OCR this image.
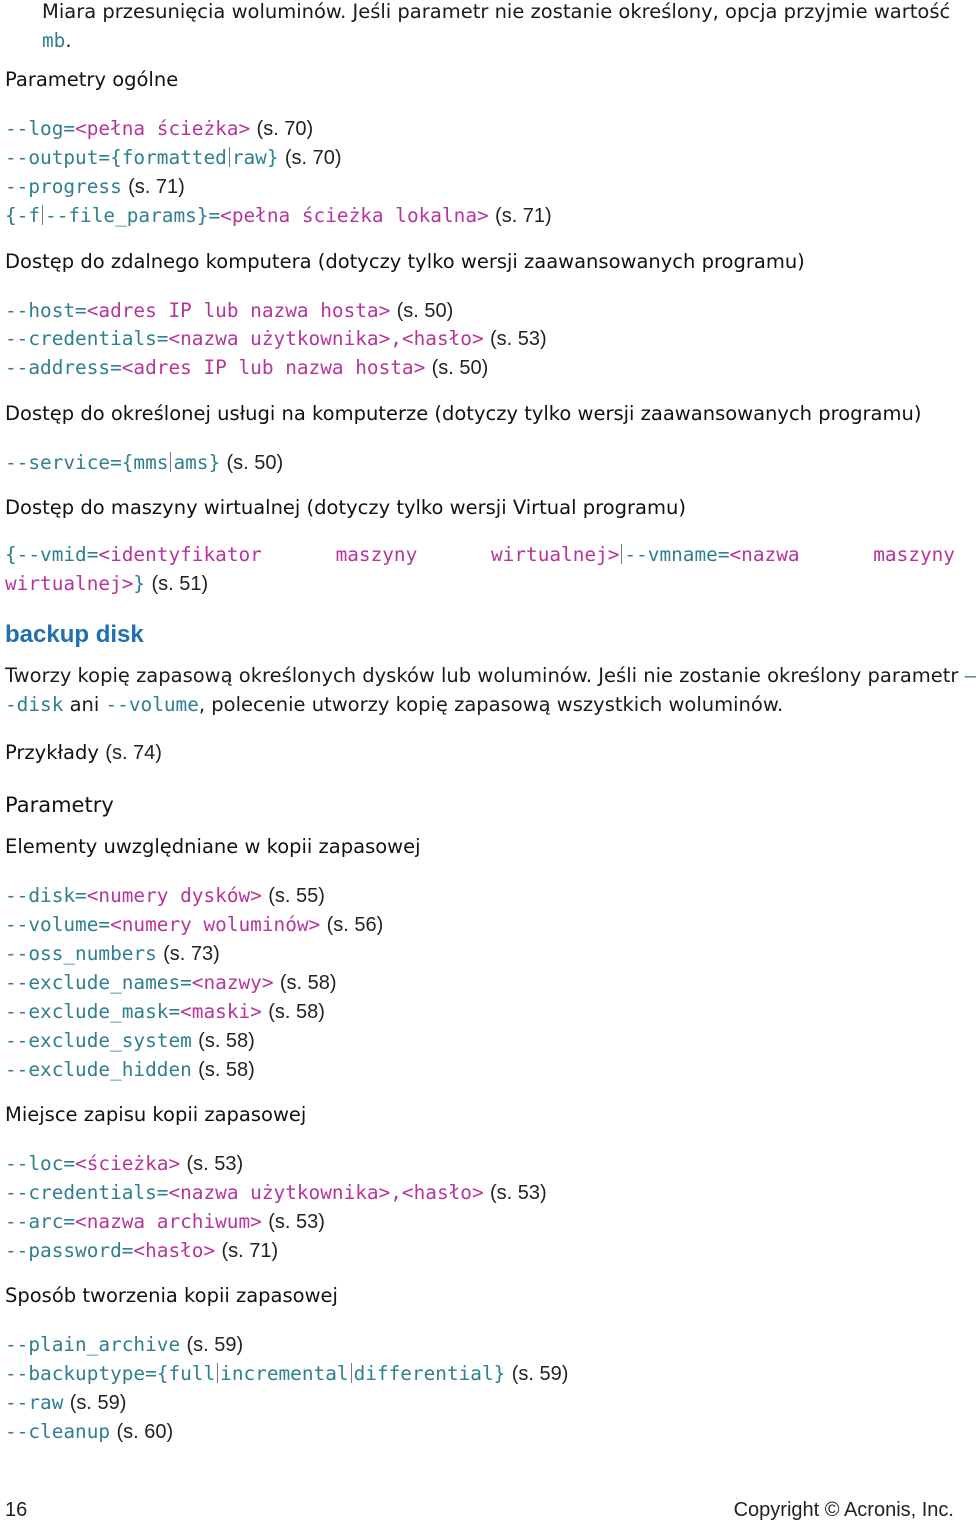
Miara przesunięcia woluminów. Jeśli parametr nie zostanie określony, opcja przyjmie wartość
mb.
Parametry ogólne
--log=<pełna ścieżka> (s. 70)
--output={formatted raw} (s. 70)
--progress (s. 71)
{-f --file_params}=<pełna ścieżka lokalna> (s. 71)
Dostęp do zdalnego komputera (dotyczy tylko wersji zaawansowanych programu)
--host=<adres IP lub nazwa hosta> (s. 50)
--credentials=<nazwa użytkownika>,<hasło> (s. 53)
--address=<adres IP lub nazwa hosta> (s. 50)
Dostęp do określonej usługi na komputerze (dotyczy tylko wersji zaawansowanych programu)
--service={mms ams} (s. 50)
Dostęp do maszyny wirtualnej (dotyczy tylko wersji Virtual programu)
{--vmid=<identyfikator	maszyny	wirtualnej> --vmname=<nazwa	maszyny
wirtualnej>} (s. 51)
backup disk
Tworzy kopię zapasową określonych dysków lub woluminów. Jeśli nie zostanie określony parametr –
-disk ani --volume, polecenie utworzy kopię zapasową wszystkich woluminów.
Przykłady (s. 74)
Parametry
Elementy uwzględniane w kopii zapasowej
--disk=<numery dysków> (s. 55)
--volume=<numery woluminów> (s. 56)
--oss_numbers (s. 73)
--exclude_names=<nazwy> (s. 58)
--exclude_mask=<maski> (s. 58)
--exclude_system (s. 58)
--exclude_hidden (s. 58)
Miejsce zapisu kopii zapasowej
--loc=<ścieżka> (s. 53)
--credentials=<nazwa użytkownika>,<hasło> (s. 53)
--arc=<nazwa archiwum> (s. 53)
--password=<hasło> (s. 71)
Sposób tworzenia kopii zapasowej
--plain_archive (s. 59)
--backuptype={full incremental differential} (s. 59)
--raw (s. 59)
--cleanup (s. 60)
16	Copyright © Acronis, Inc.
